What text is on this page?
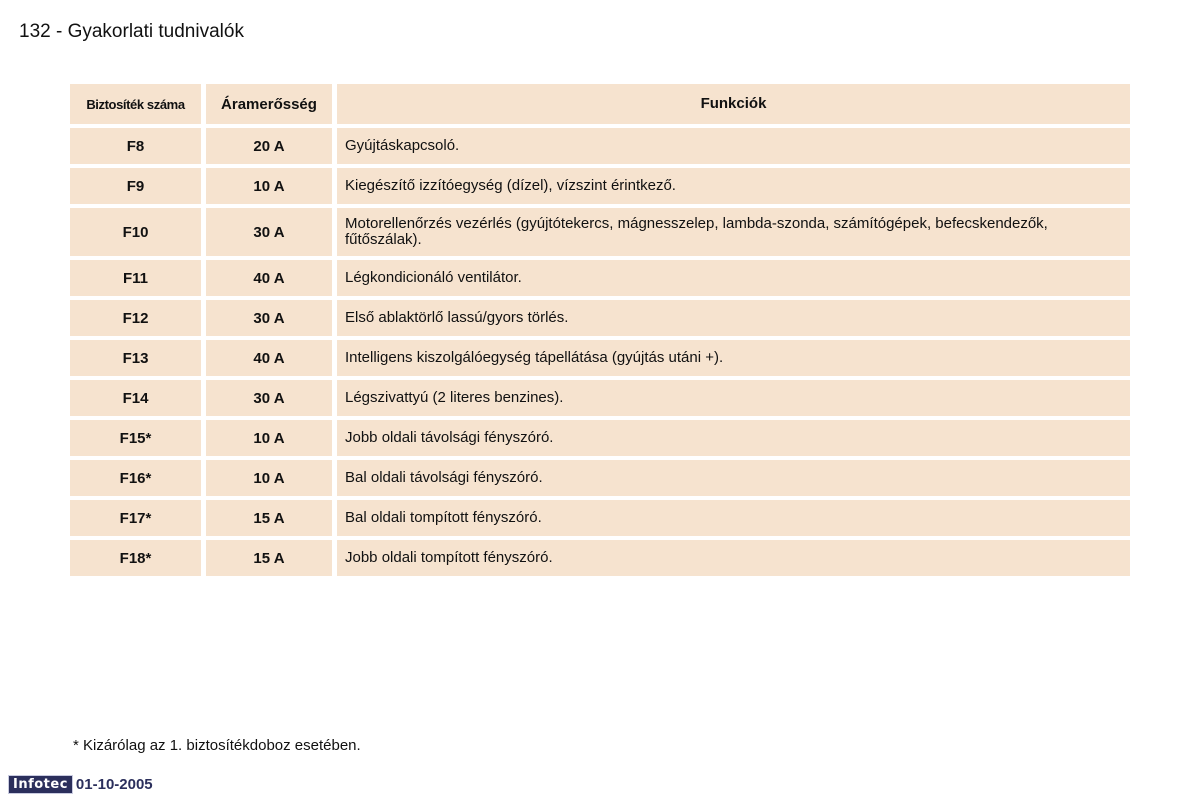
132 - Gyakorlati tudnivalók
Biztosíték száma	Áramerősség	Funkciók
F8	20 A	Gyújtáskapcsoló.
F9	10 A	Kiegészítő izzítóegység (dízel), vízszint érintkező.
F10	30 A	Motorellenőrzés vezérlés (gyújtótekercs, mágnesszelep, lambda-szonda, számítógépek, befecskendezők, fűtőszálak).
F11	40 A	Légkondicionáló ventilátor.
F12	30 A	Első ablaktörlő lassú/gyors törlés.
F13	40 A	Intelligens kiszolgálóegység tápellátása (gyújtás utáni +).
F14	30 A	Légszivattyú (2 literes benzines).
F15*	10 A	Jobb oldali távolsági fényszóró.
F16*	10 A	Bal oldali távolsági fényszóró.
F17*	15 A	Bal oldali tompított fényszóró.
F18*	15 A	Jobb oldali tompított fényszóró.
* Kizárólag az 1. biztosítékdoboz esetében.
Infotec 01-10-2005
